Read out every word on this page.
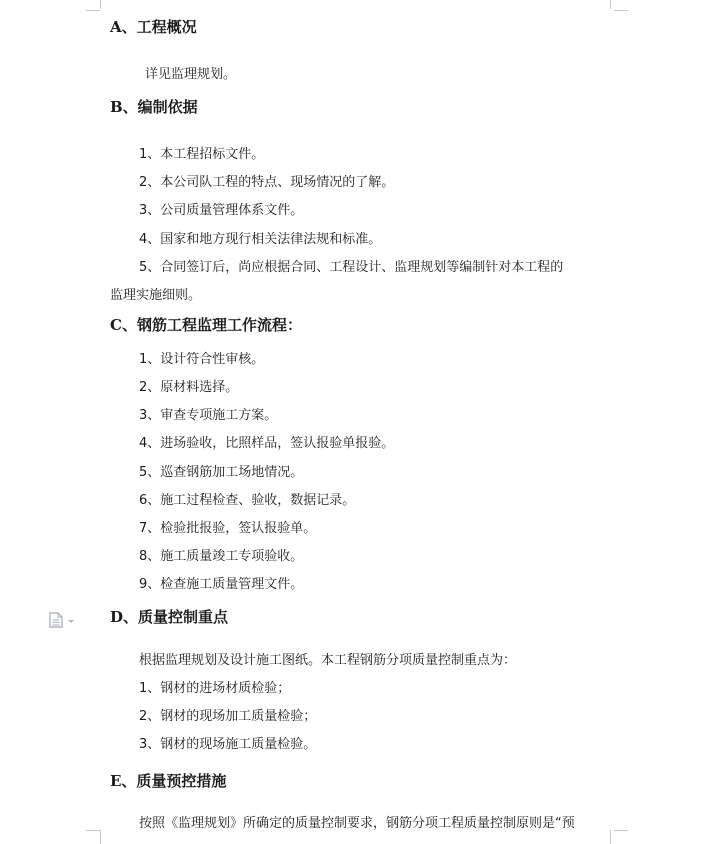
A、工程概况
详见监理规划。
B、编制依据
1、本工程招标文件。
2、本公司队工程的特点、现场情况的了解。
3、公司质量管理体系文件。
4、国家和地方现行相关法律法规和标准。
5、合同签订后，尚应根据合同、工程设计、监理规划等编制针对本工程的
监理实施细则。
C、钢筋工程监理工作流程：
1、设计符合性审核。
2、原材料选择。
3、审查专项施工方案。
4、进场验收，比照样品，签认报验单报验。
5、巡查钢筋加工场地情况。
6、施工过程检查、验收，数据记录。
7、检验批报验，签认报验单。
8、施工质量竣工专项验收。
9、检查施工质量管理文件。
D、质量控制重点
根据监理规划及设计施工图纸。本工程钢筋分项质量控制重点为：
1、钢材的进场材质检验；
2、钢材的现场加工质量检验；
3、钢材的现场施工质量检验。
E、质量预控措施
按照《监理规划》所确定的质量控制要求，钢筋分项工程质量控制原则是“预
